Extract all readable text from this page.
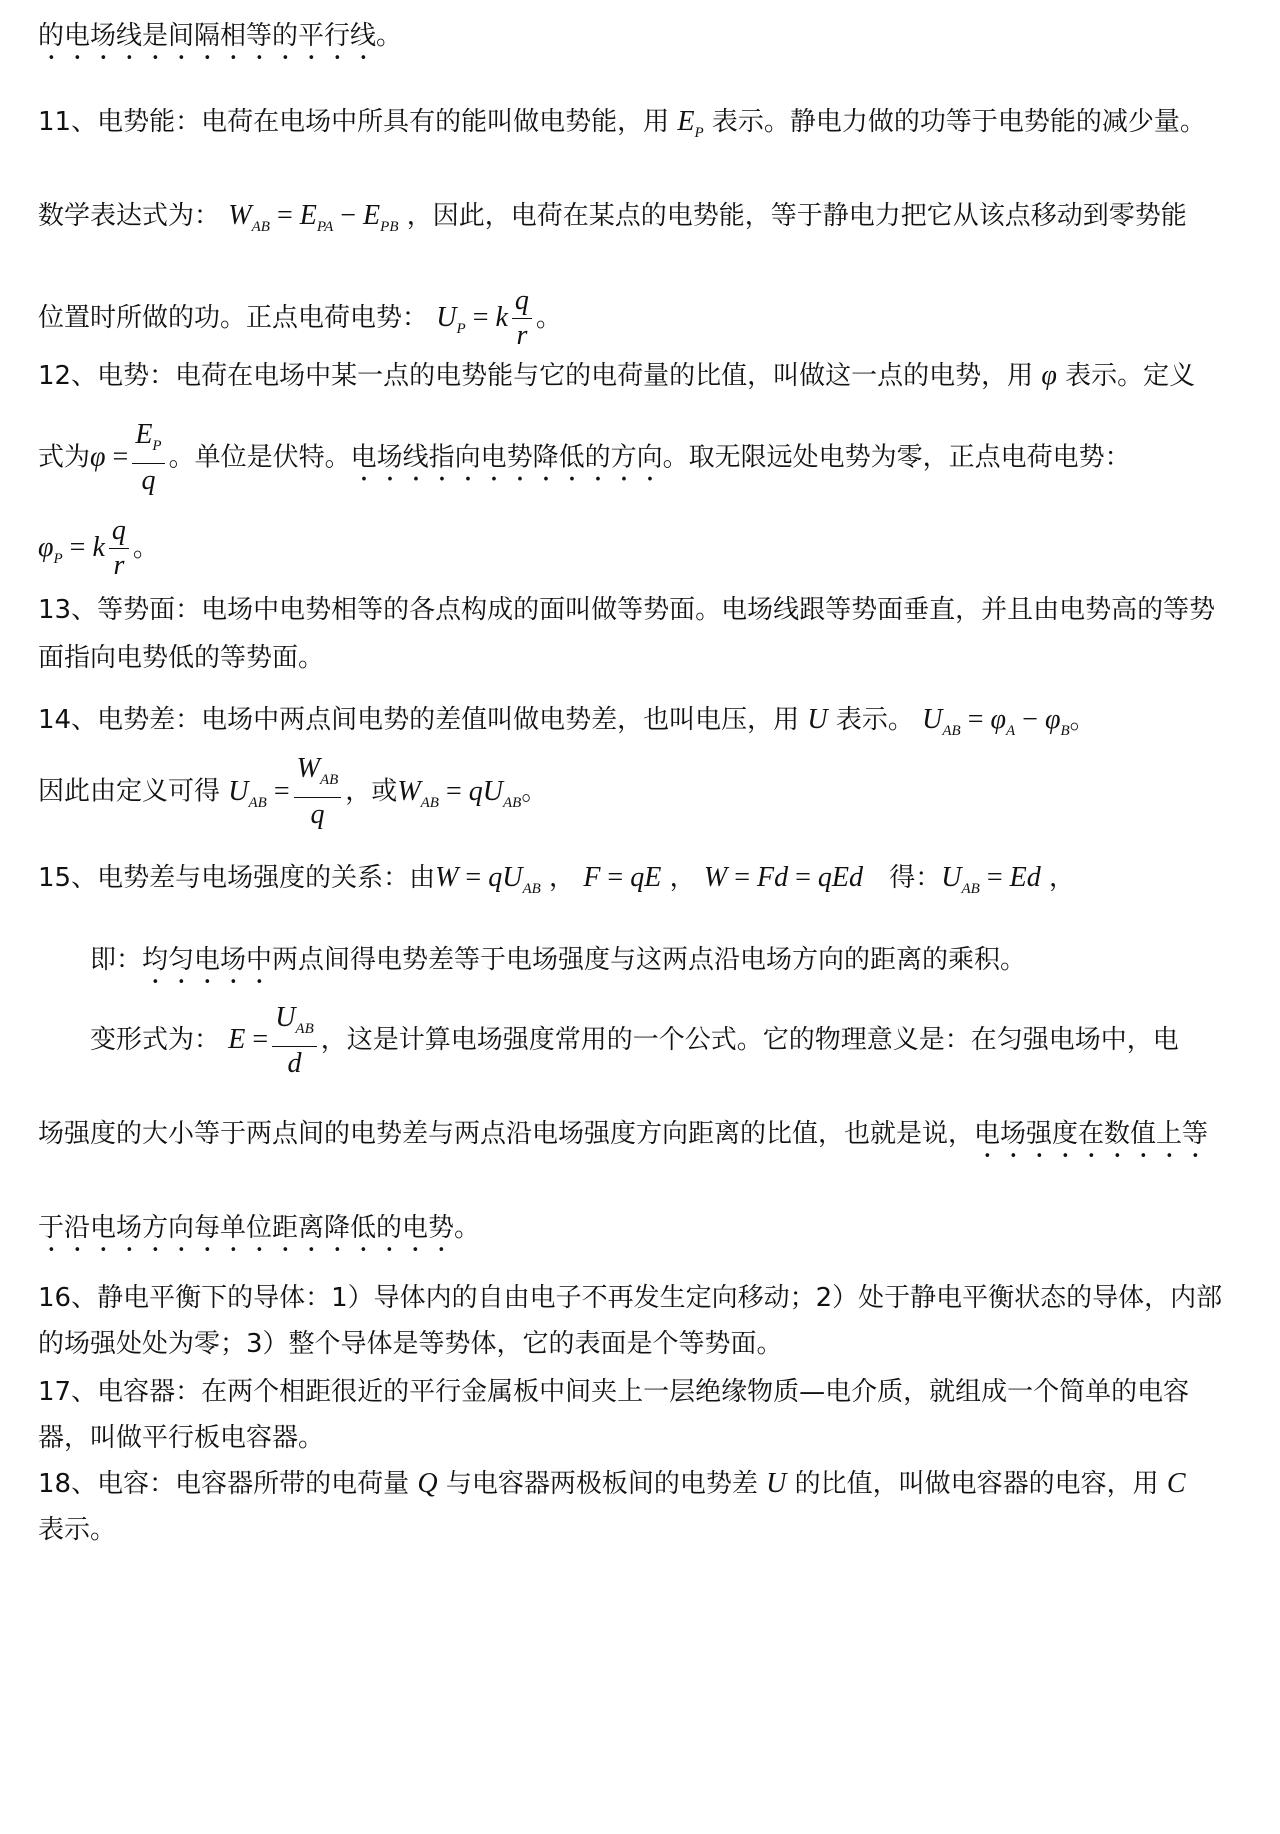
的电场线是间隔相等的平行线。
11、电势能：电荷在电场中所具有的能叫做电势能，用 $E_P$ 表示。静电力做的功等于电势能的减少量。
数学表达式为： $W_{AB} = E_{PA} - E_{PB}$ ，因此，电荷在某点的电势能，等于静电力把它从该点移动到零势能
位置时所做的功。正点电荷电势： $U_P = k \frac{q}{r}$ 。
12、电势：电荷在电场中某一点的电势能与它的电荷量的比值，叫做这一点的电势，用 φ 表示。定义
式为$\varphi = \frac{E_P}{q}$ 。单位是伏特。电场线指向电势降低的方向。取无限远处电势为零，正点电荷电势：
$\varphi_P = k \frac{q}{r}$ 。
13、等势面：电场中电势相等的各点构成的面叫做等势面。电场线跟等势面垂直，并且由电势高的等势
面指向电势低的等势面。
14、电势差：电场中两点间电势的差值叫做电势差，也叫电压，用 U 表示。 $U_{AB} = \varphi_A - \varphi_B$。
因此由定义可得 $U_{AB} = \frac{W_{AB}}{q}$ ，或$W_{AB} = qU_{AB}$。
15、电势差与电场强度的关系：由$W = qU_{AB}$ ， F = qE ， W = Fd = qEd 得：$U_{AB} = Ed$ ，
即：均匀电场中两点间得电势差等于电场强度与这两点沿电场方向的距离的乘积。
变形式为： $E = \frac{U_{AB}}{d}$ ，这是计算电场强度常用的一个公式。它的物理意义是：在匀强电场中，电
场强度的大小等于两点间的电势差与两点沿电场强度方向距离的比值，也就是说，电场强度在数值上等
于沿电场方向每单位距离降低的电势。
16、静电平衡下的导体：1）导体内的自由电子不再发生定向移动；2）处于静电平衡状态的导体，内部
的场强处处为零；3）整个导体是等势体，它的表面是个等势面。
17、电容器：在两个相距很近的平行金属板中间夹上一层绝缘物质—电介质，就组成一个简单的电容
器，叫做平行板电容器。
18、电容：电容器所带的电荷量 Q 与电容器两极板间的电势差 U 的比值，叫做电容器的电容，用 C
表示。
